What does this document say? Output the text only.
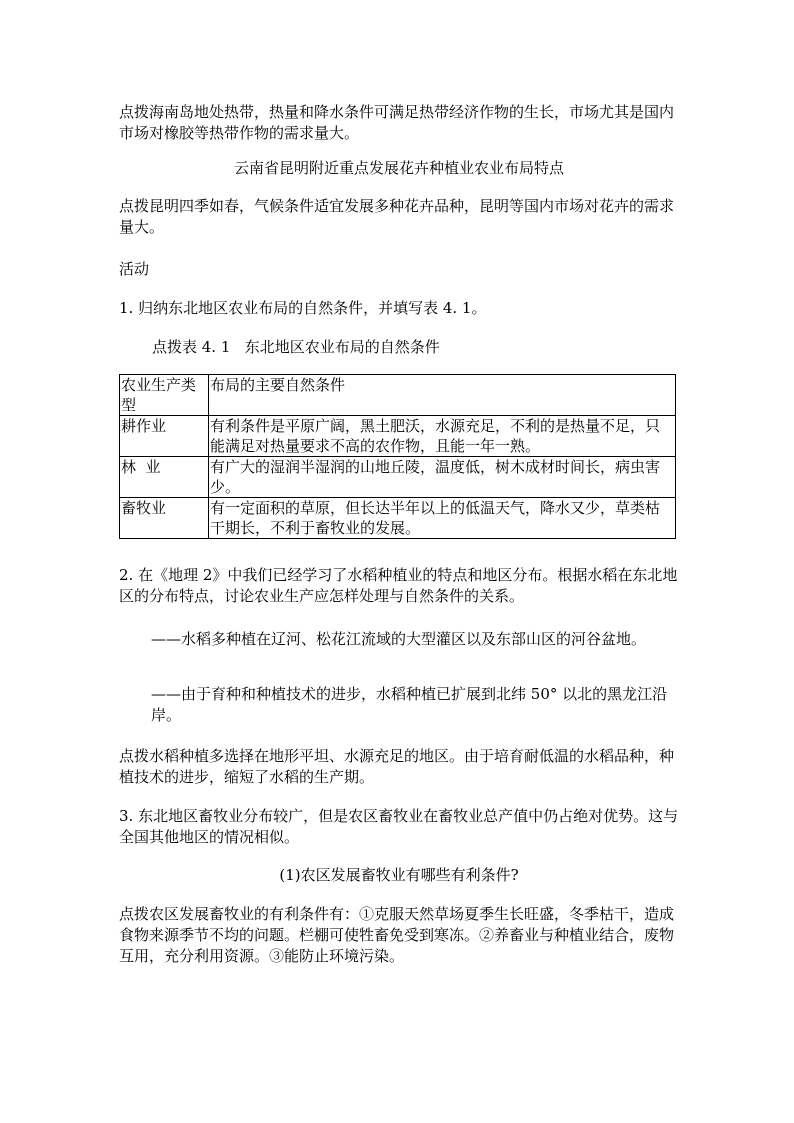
点拨海南岛地处热带，热量和降水条件可满足热带经济作物的生长，市场尤其是国内市场对橡胶等热带作物的需求量大。

云南省昆明附近重点发展花卉种植业农业布局特点

点拨昆明四季如春，气候条件适宜发展多种花卉品种，昆明等国内市场对花卉的需求量大。

活动

1. 归纳东北地区农业布局的自然条件，并填写表 4. 1。

点拨表 4. 1   东北地区农业布局的自然条件
农业生产类型	布局的主要自然条件
耕作业	有利条件是平原广阔，黑土肥沃，水源充足，不利的是热量不足，只能满足对热量要求不高的农作物，且能一年一熟。
林  业	有广大的湿润半湿润的山地丘陵，温度低，树木成材时间长，病虫害少。
畜牧业	有一定面积的草原，但长达半年以上的低温天气，降水又少，草类枯干期长，不利于畜牧业的发展。

2. 在《地理 2》中我们已经学习了水稻种植业的特点和地区分布。根据水稻在东北地区的分布特点，讨论农业生产应怎样处理与自然条件的关系。

——水稻多种植在辽河、松花江流域的大型灌区以及东部山区的河谷盆地。

——由于育种和种植技术的进步，水稻种植已扩展到北纬 50° 以北的黑龙江沿岸。

点拨水稻种植多选择在地形平坦、水源充足的地区。由于培育耐低温的水稻品种，种植技术的进步，缩短了水稻的生产期。

3. 东北地区畜牧业分布较广，但是农区畜牧业在畜牧业总产值中仍占绝对优势。这与全国其他地区的情况相似。

(1)农区发展畜牧业有哪些有利条件?

点拨农区发展畜牧业的有利条件有：①克服天然草场夏季生长旺盛，冬季枯干，造成食物来源季节不均的问题。栏棚可使牲畜免受到寒冻。②养畜业与种植业结合，废物互用，充分利用资源。③能防止环境污染。
